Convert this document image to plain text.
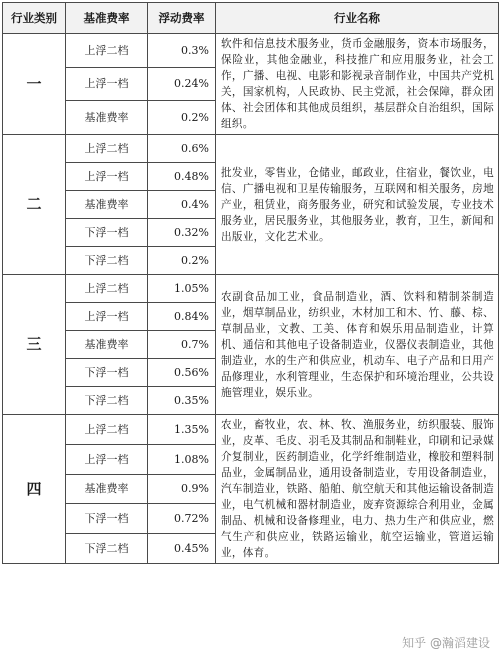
行业类别	基准费率	浮动费率	行业名称
一	上浮二档	0.3%	软件和信息技术服务业，货币金融服务，资本市场服务，保险业，其他金融业，科技推广和应用服务业，社会工作，广播、电视、电影和影视录音制作业，中国共产党机关，国家机构，人民政协、民主党派，社会保障，群众团体、社会团体和其他成员组织，基层群众自治组织，国际组织。
	上浮一档	0.24%	
	基准费率	0.2%	
二	上浮二档	0.6%	批发业，零售业，仓储业，邮政业，住宿业，餐饮业，电信、广播电视和卫星传输服务，互联网和相关服务，房地产业，租赁业，商务服务业，研究和试验发展，专业技术服务业，居民服务业，其他服务业，教育，卫生，新闻和出版业，文化艺术业。
	上浮一档	0.48%	
	基准费率	0.4%	
	下浮一档	0.32%	
	下浮二档	0.2%	
三	上浮二档	1.05%	农副食品加工业，食品制造业，酒、饮料和精制茶制造业，烟草制品业，纺织业，木材加工和木、竹、藤、棕、草制品业，文教、工美、体育和娱乐用品制造业，计算机、通信和其他电子设备制造业，仪器仪表制造业，其他制造业，水的生产和供应业，机动车、电子产品和日用产品修理业，水利管理业，生态保护和环境治理业，公共设施管理业，娱乐业。
	上浮一档	0.84%	
	基准费率	0.7%	
	下浮一档	0.56%	
	下浮二档	0.35%	
四	上浮二档	1.35%	农业，畜牧业，农、林、牧、渔服务业，纺织服装、服饰业，皮革、毛皮、羽毛及其制品和制鞋业，印刷和记录媒介复制业，医药制造业，化学纤维制造业，橡胶和塑料制品业，金属制品业，通用设备制造业，专用设备制造业，汽车制造业，铁路、船舶、航空航天和其他运输设备制造业，电气机械和器材制造业，废弃资源综合利用业，金属制品、机械和设备修理业，电力、热力生产和供应业，燃气生产和供应业，铁路运输业，航空运输业，管道运输业，体育。
	上浮一档	1.08%	
	基准费率	0.9%	
	下浮一档	0.72%	
	下浮二档	0.45%	
知乎 @瀚滔建设
